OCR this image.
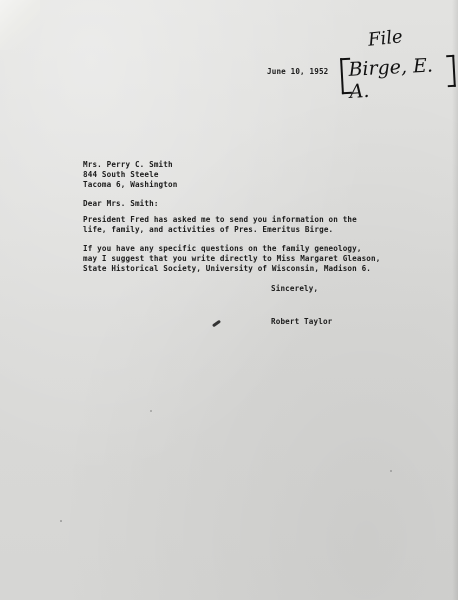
File
Birge, E. A.
June 10, 1952
Mrs. Perry C. Smith
844 South Steele
Tacoma 6, Washington
Dear Mrs. Smith:
President Fred has asked me to send you information on the
life, family, and activities of Pres. Emeritus Birge.
If you have any specific questions on the family geneology,
may I suggest that you write directly to Miss Margaret Gleason,
State Historical Society, University of Wisconsin, Madison 6.
Sincerely,
Robert Taylor
